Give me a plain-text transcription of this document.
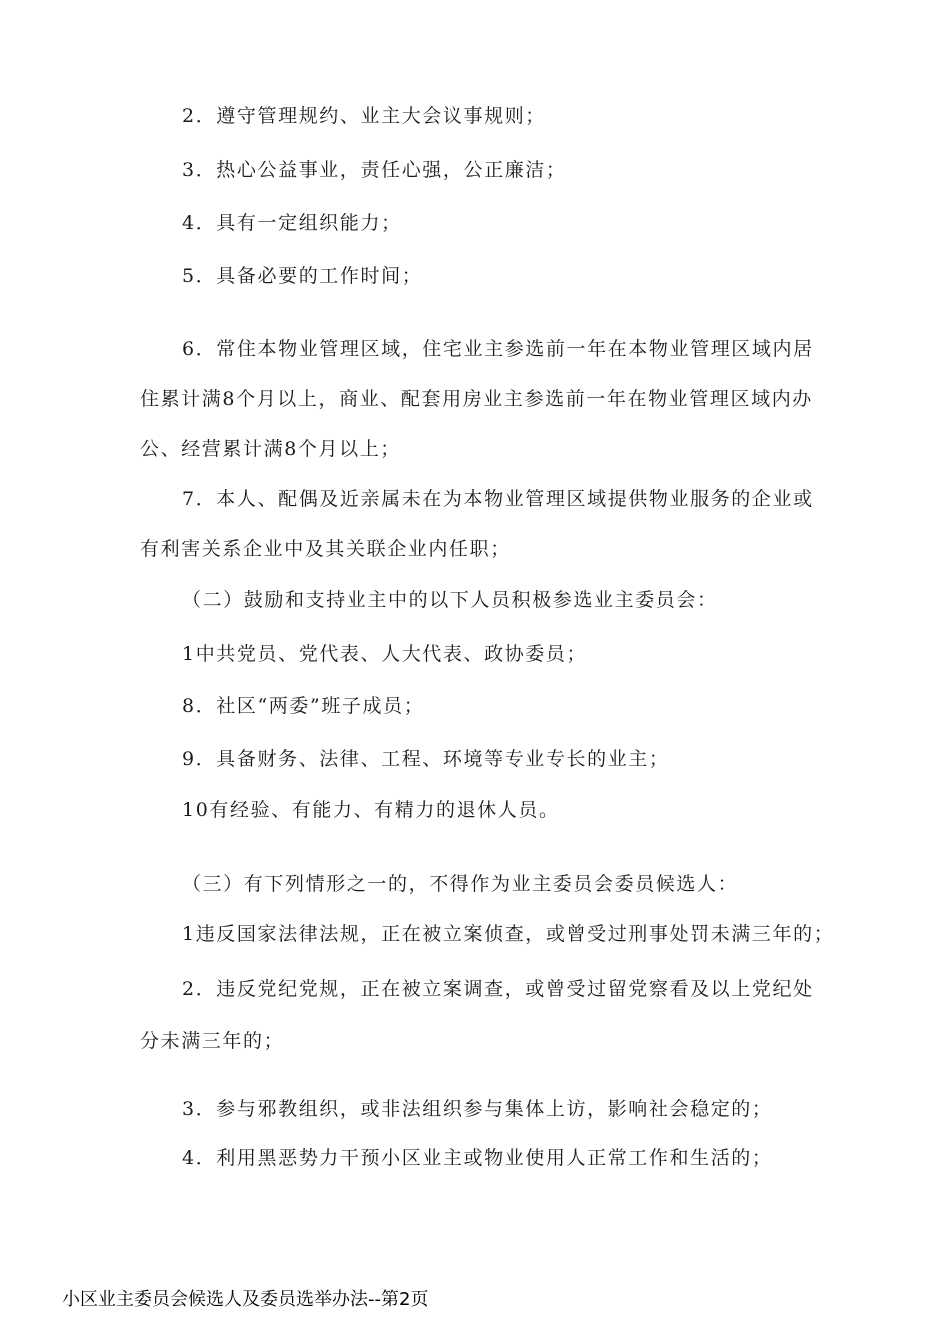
2．遵守管理规约、业主大会议事规则；
3．热心公益事业，责任心强，公正廉洁；
4．具有一定组织能力；
5．具备必要的工作时间；
6．常住本物业管理区域，住宅业主参选前一年在本物业管理区域内居
住累计满8个月以上，商业、配套用房业主参选前一年在物业管理区域内办
公、经营累计满8个月以上；
7．本人、配偶及近亲属未在为本物业管理区域提供物业服务的企业或
有利害关系企业中及其关联企业内任职；
（二）鼓励和支持业主中的以下人员积极参选业主委员会：
1中共党员、党代表、人大代表、政协委员；
8．社区“两委”班子成员；
9．具备财务、法律、工程、环境等专业专长的业主；
10有经验、有能力、有精力的退休人员。
（三）有下列情形之一的，不得作为业主委员会委员候选人：
1违反国家法律法规，正在被立案侦查，或曾受过刑事处罚未满三年的；
2．违反党纪党规，正在被立案调查，或曾受过留党察看及以上党纪处
分未满三年的；
3．参与邪教组织，或非法组织参与集体上访，影响社会稳定的；
4．利用黑恶势力干预小区业主或物业使用人正常工作和生活的；
小区业主委员会候选人及委员选举办法--第2页
